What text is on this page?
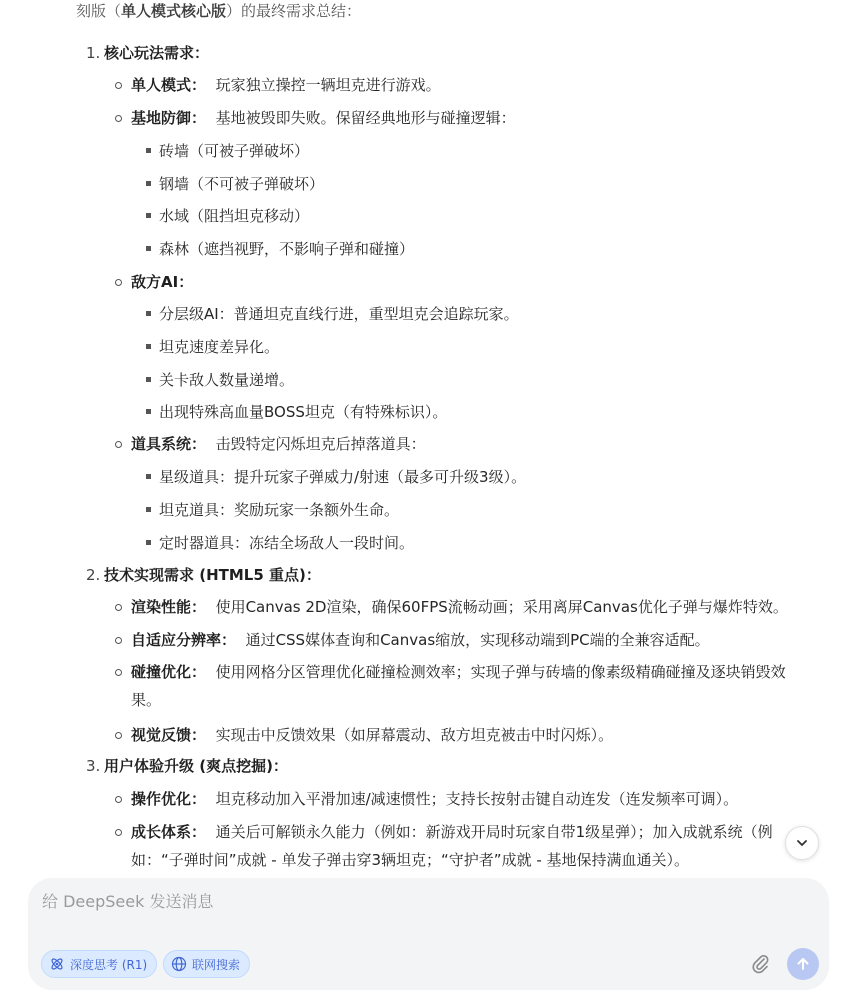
刻版（单人模式核心版）的最终需求总结：
1. 核心玩法需求：
单人模式： 玩家独立操控一辆坦克进行游戏。
基地防御： 基地被毁即失败。保留经典地形与碰撞逻辑：
砖墙（可被子弹破坏）
钢墙（不可被子弹破坏）
水域（阻挡坦克移动）
森林（遮挡视野，不影响子弹和碰撞）
敌方AI：
分层级AI：普通坦克直线行进，重型坦克会追踪玩家。
坦克速度差异化。
关卡敌人数量递增。
出现特殊高血量BOSS坦克（有特殊标识）。
道具系统： 击毁特定闪烁坦克后掉落道具：
星级道具：提升玩家子弹威力/射速（最多可升级3级）。
坦克道具：奖励玩家一条额外生命。
定时器道具：冻结全场敌人一段时间。
2. 技术实现需求 (HTML5 重点)：
渲染性能： 使用Canvas 2D渲染，确保60FPS流畅动画；采用离屏Canvas优化子弹与爆炸特效。
自适应分辨率： 通过CSS媒体查询和Canvas缩放，实现移动端到PC端的全兼容适配。
碰撞优化： 使用网格分区管理优化碰撞检测效率；实现子弹与砖墙的像素级精确碰撞及逐块销毁效
果。
视觉反馈： 实现击中反馈效果（如屏幕震动、敌方坦克被击中时闪烁）。
3. 用户体验升级 (爽点挖掘)：
操作优化： 坦克移动加入平滑加速/减速惯性；支持长按射击键自动连发（连发频率可调）。
成长体系： 通关后可解锁永久能力（例如：新游戏开局时玩家自带1级星弹）；加入成就系统（例
如：“子弹时间”成就 - 单发子弹击穿3辆坦克；“守护者”成就 - 基地保持满血通关）。
给 DeepSeek 发送消息
深度思考 (R1)	联网搜索
